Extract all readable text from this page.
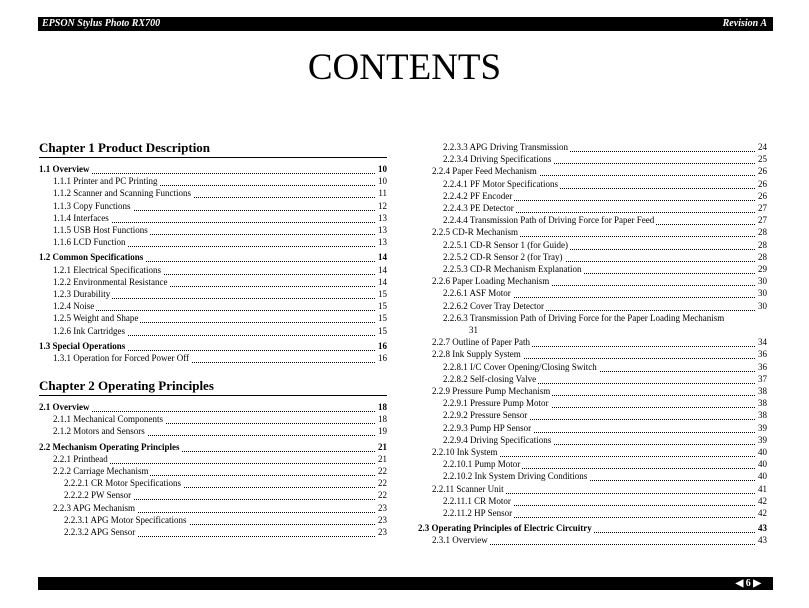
EPSON Stylus Photo RX700	Revision A
CONTENTS
Chapter 1 Product Description
1.1 Overview	10
1.1.1 Printer and PC Printing	10
1.1.2 Scanner and Scanning Functions	11
1.1.3 Copy Functions	12
1.1.4 Interfaces	13
1.1.5 USB Host Functions	13
1.1.6 LCD Function	13
1.2 Common Specifications	14
1.2.1 Electrical Specifications	14
1.2.2 Environmental Resistance	14
1.2.3 Durability	15
1.2.4 Noise	15
1.2.5 Weight and Shape	15
1.2.6 Ink Cartridges	15
1.3 Special Operations	16
1.3.1 Operation for Forced Power Off	16
Chapter 2 Operating Principles
2.1 Overview	18
2.1.1 Mechanical Components	18
2.1.2 Motors and Sensors	19
2.2 Mechanism Operating Principles	21
2.2.1 Printhead	21
2.2.2 Carriage Mechanism	22
2.2.2.1 CR Motor Specifications	22
2.2.2.2 PW Sensor	22
2.2.3 APG Mechanism	23
2.2.3.1 APG Motor Specifications	23
2.2.3.2 APG Sensor	23
2.2.3.3 APG Driving Transmission	24
2.2.3.4 Driving Specifications	25
2.2.4 Paper Feed Mechanism	26
2.2.4.1 PF Motor Specifications	26
2.2.4.2 PF Encoder	26
2.2.4.3 PE Detector	27
2.2.4.4 Transmission Path of Driving Force for Paper Feed	27
2.2.5 CD-R Mechanism	28
2.2.5.1 CD-R Sensor 1 (for Guide)	28
2.2.5.2 CD-R Sensor 2 (for Tray)	28
2.2.5.3 CD-R Mechanism Explanation	29
2.2.6 Paper Loading Mechanism	30
2.2.6.1 ASF Motor	30
2.2.6.2 Cover Tray Detector	30
2.2.6.3 Transmission Path of Driving Force for the Paper Loading Mechanism
31
2.2.7 Outline of Paper Path	34
2.2.8 Ink Supply System	36
2.2.8.1 I/C Cover Opening/Closing Switch	36
2.2.8.2 Self-closing Valve	37
2.2.9 Pressure Pump Mechanism	38
2.2.9.1 Pressure Pump Motor	38
2.2.9.2 Pressure Sensor	38
2.2.9.3 Pump HP Sensor	39
2.2.9.4 Driving Specifications	39
2.2.10 Ink System	40
2.2.10.1 Pump Motor	40
2.2.10.2 Ink System Driving Conditions	40
2.2.11 Scanner Unit	41
2.2.11.1 CR Motor	42
2.2.11.2 HP Sensor	42
2.3 Operating Principles of Electric Circuitry	43
2.3.1 Overview	43
◀ 6 ▶
